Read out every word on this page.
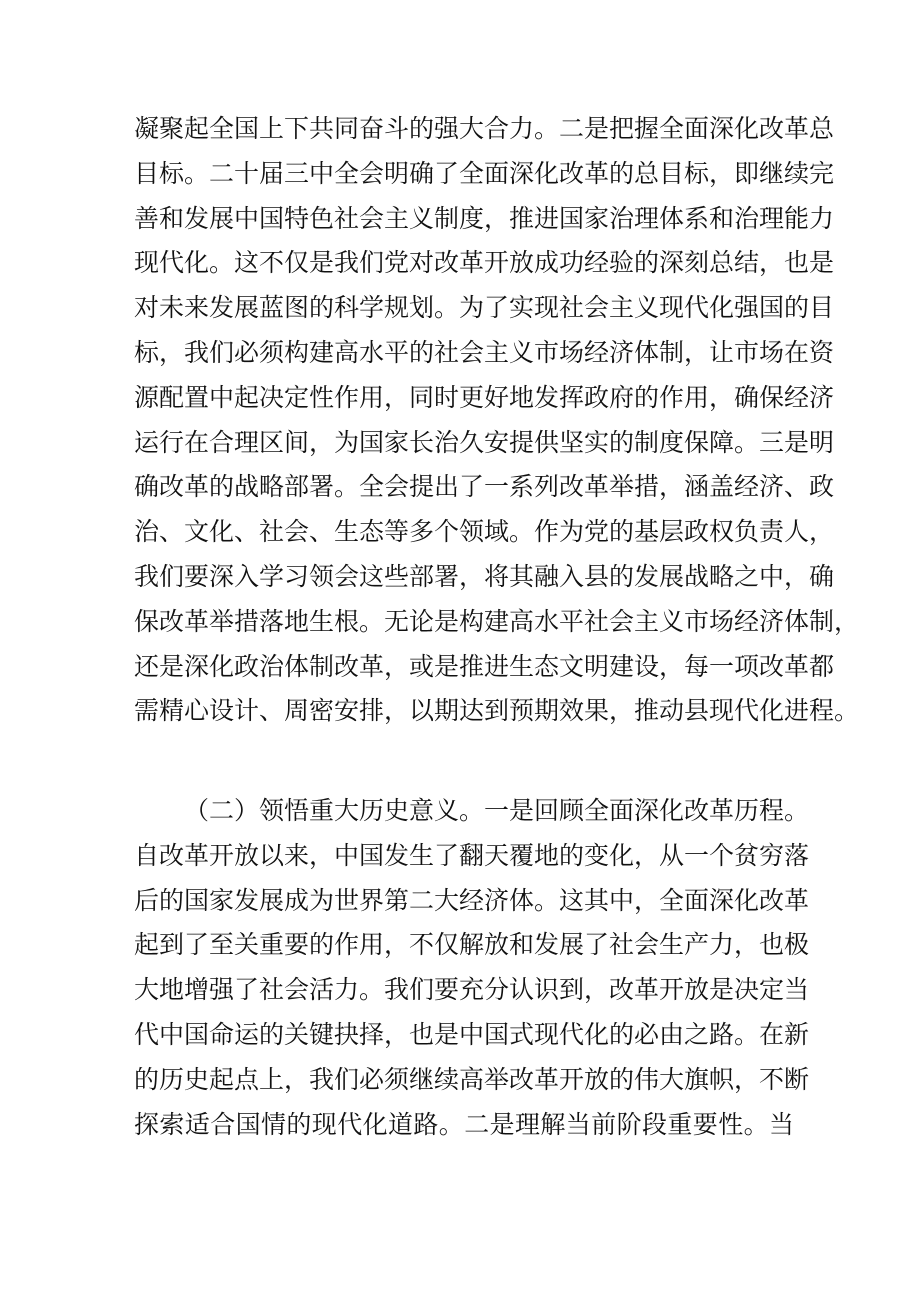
凝聚起全国上下共同奋斗的强大合力。二是把握全面深化改革总
目标。二十届三中全会明确了全面深化改革的总目标，即继续完
善和发展中国特色社会主义制度，推进国家治理体系和治理能力
现代化。这不仅是我们党对改革开放成功经验的深刻总结，也是
对未来发展蓝图的科学规划。为了实现社会主义现代化强国的目
标，我们必须构建高水平的社会主义市场经济体制，让市场在资
源配置中起决定性作用，同时更好地发挥政府的作用，确保经济
运行在合理区间，为国家长治久安提供坚实的制度保障。三是明
确改革的战略部署。全会提出了一系列改革举措，涵盖经济、政
治、文化、社会、生态等多个领域。作为党的基层政权负责人，
我们要深入学习领会这些部署，将其融入县的发展战略之中，确
保改革举措落地生根。无论是构建高水平社会主义市场经济体制，
还是深化政治体制改革，或是推进生态文明建设，每一项改革都
需精心设计、周密安排，以期达到预期效果，推动县现代化进程。
（二）领悟重大历史意义。一是回顾全面深化改革历程。
自改革开放以来，中国发生了翻天覆地的变化，从一个贫穷落
后的国家发展成为世界第二大经济体。这其中，全面深化改革
起到了至关重要的作用，不仅解放和发展了社会生产力，也极
大地增强了社会活力。我们要充分认识到，改革开放是决定当
代中国命运的关键抉择，也是中国式现代化的必由之路。在新
的历史起点上，我们必须继续高举改革开放的伟大旗帜，不断
探索适合国情的现代化道路。二是理解当前阶段重要性。当
